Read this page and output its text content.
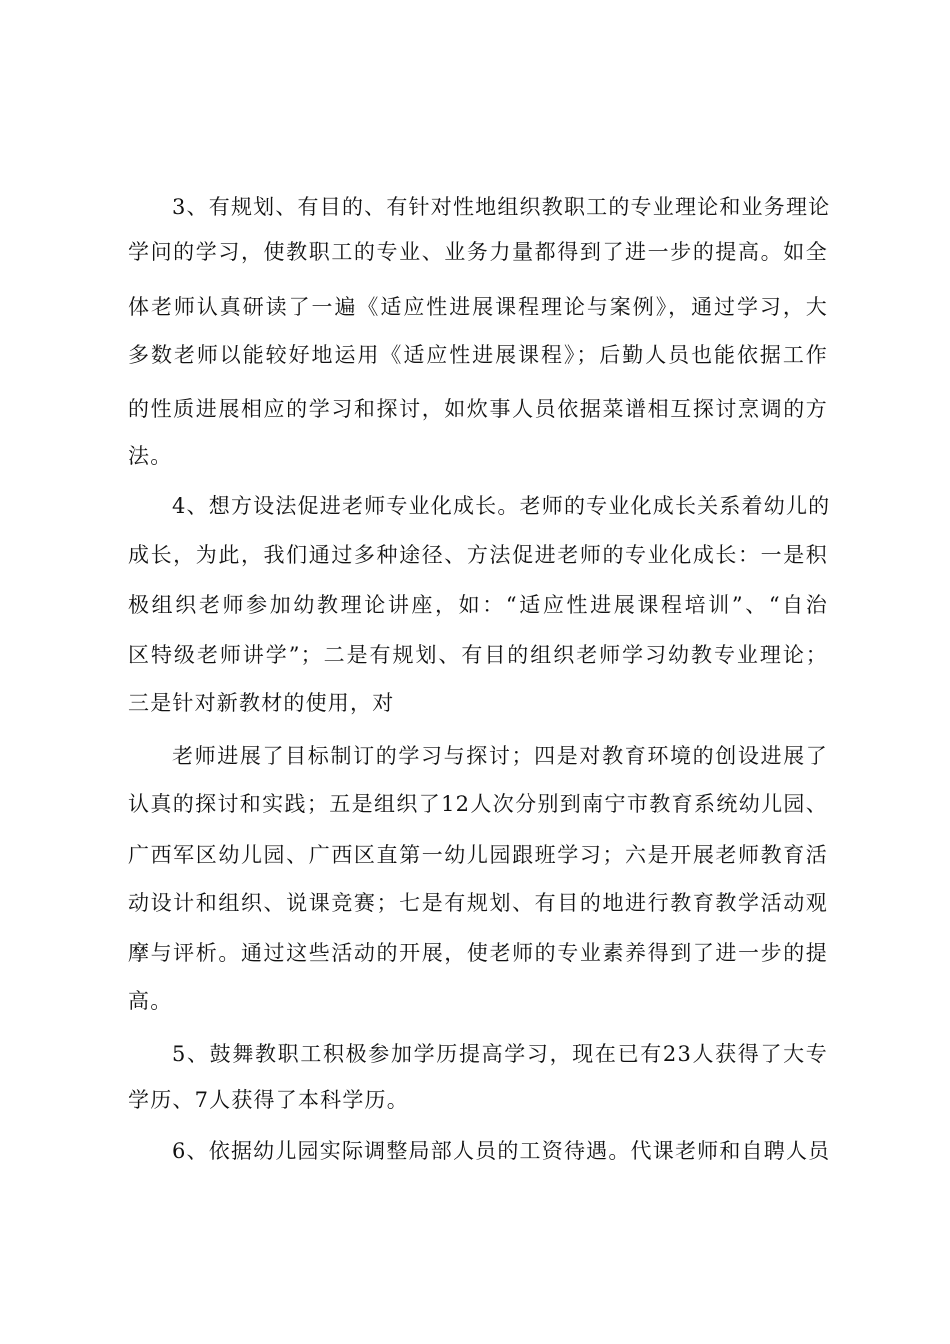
3、有规划、有目的、有针对性地组织教职工的专业理论和业务理论
学问的学习，使教职工的专业、业务力量都得到了进一步的提高。如全
体老师认真研读了一遍《适应性进展课程理论与案例》，通过学习，大
多数老师以能较好地运用《适应性进展课程》；后勤人员也能依据工作
的性质进展相应的学习和探讨，如炊事人员依据菜谱相互探讨烹调的方
法。
4、想方设法促进老师专业化成长。老师的专业化成长关系着幼儿的
成长，为此，我们通过多种途径、方法促进老师的专业化成长：一是积
极组织老师参加幼教理论讲座，如：“适应性进展课程培训”、“自治
区特级老师讲学”；二是有规划、有目的组织老师学习幼教专业理论；
三是针对新教材的使用，对
老师进展了目标制订的学习与探讨；四是对教育环境的创设进展了
认真的探讨和实践；五是组织了12人次分别到南宁市教育系统幼儿园、
广西军区幼儿园、广西区直第一幼儿园跟班学习；六是开展老师教育活
动设计和组织、说课竞赛；七是有规划、有目的地进行教育教学活动观
摩与评析。通过这些活动的开展，使老师的专业素养得到了进一步的提
高。
5、鼓舞教职工积极参加学历提高学习，现在已有23人获得了大专
学历、7人获得了本科学历。
6、依据幼儿园实际调整局部人员的工资待遇。代课老师和自聘人员
